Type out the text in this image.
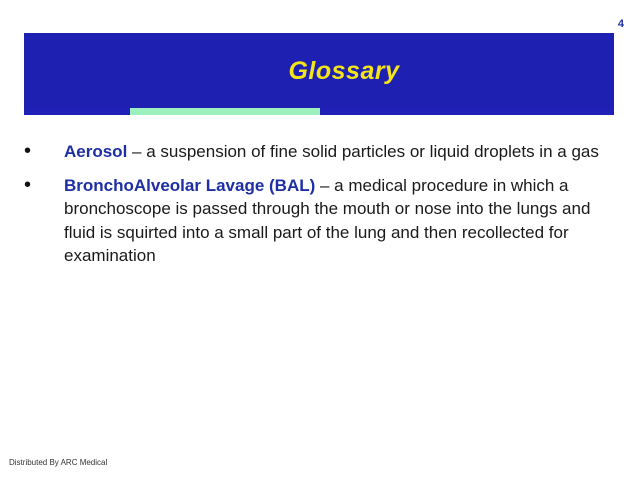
4
Glossary
• Aerosol – a suspension of fine solid particles or liquid droplets in a gas
• BronchoAlveolar Lavage (BAL) – a medical procedure in which a bronchoscope is passed through the mouth or nose into the lungs and fluid is squirted into a small part of the lung and then recollected for examination
Distributed By ARC Medical
